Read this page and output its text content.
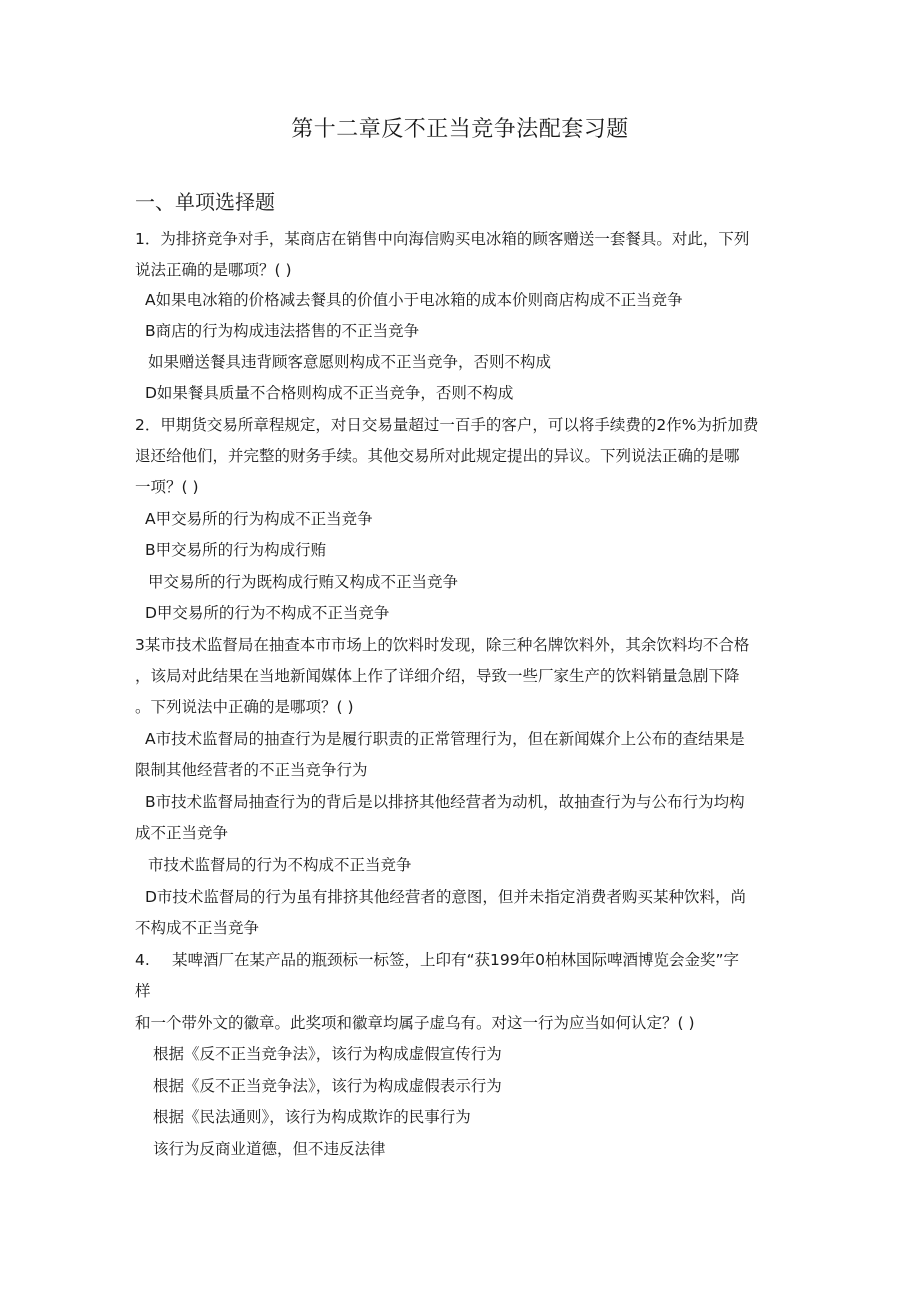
第十二章反不正当竞争法配套习题
一、单项选择题
1．为排挤竞争对手，某商店在销售中向海信购买电冰箱的顾客赠送一套餐具。对此，下列
说法正确的是哪项？( )
A如果电冰箱的价格减去餐具的价值小于电冰箱的成本价则商店构成不正当竞争
B商店的行为构成违法搭售的不正当竞争
如果赠送餐具违背顾客意愿则构成不正当竞争，否则不构成
D如果餐具质量不合格则构成不正当竞争，否则不构成
2．甲期货交易所章程规定，对日交易量超过一百手的客户，可以将手续费的2作%为折加费
退还给他们，并完整的财务手续。其他交易所对此规定提出的异议。下列说法正确的是哪
一项？( )
A甲交易所的行为构成不正当竞争
B甲交易所的行为构成行贿
甲交易所的行为既构成行贿又构成不正当竞争
D甲交易所的行为不构成不正当竞争
3某市技术监督局在抽查本市市场上的饮料时发现，除三种名牌饮料外，其余饮料均不合格
，该局对此结果在当地新闻媒体上作了详细介绍，导致一些厂家生产的饮料销量急剧下降
。下列说法中正确的是哪项？( )
A市技术监督局的抽查行为是履行职责的正常管理行为，但在新闻媒介上公布的查结果是
限制其他经营者的不正当竞争行为
B市技术监督局抽查行为的背后是以排挤其他经营者为动机，故抽查行为与公布行为均构
成不正当竞争
市技术监督局的行为不构成不正当竞争
D市技术监督局的行为虽有排挤其他经营者的意图，但并未指定消费者购买某种饮料，尚
不构成不正当竞争
4. 某啤酒厂在某产品的瓶颈标一标签，上印有“获199年0柏林国际啤酒博览会金奖”字
样
和一个带外文的徽章。此奖项和徽章均属子虚乌有。对这一行为应当如何认定？( )
根据《反不正当竞争法》，该行为构成虚假宣传行为
根据《反不正当竞争法》，该行为构成虚假表示行为
根据《民法通则》，该行为构成欺诈的民事行为
该行为反商业道德，但不违反法律
